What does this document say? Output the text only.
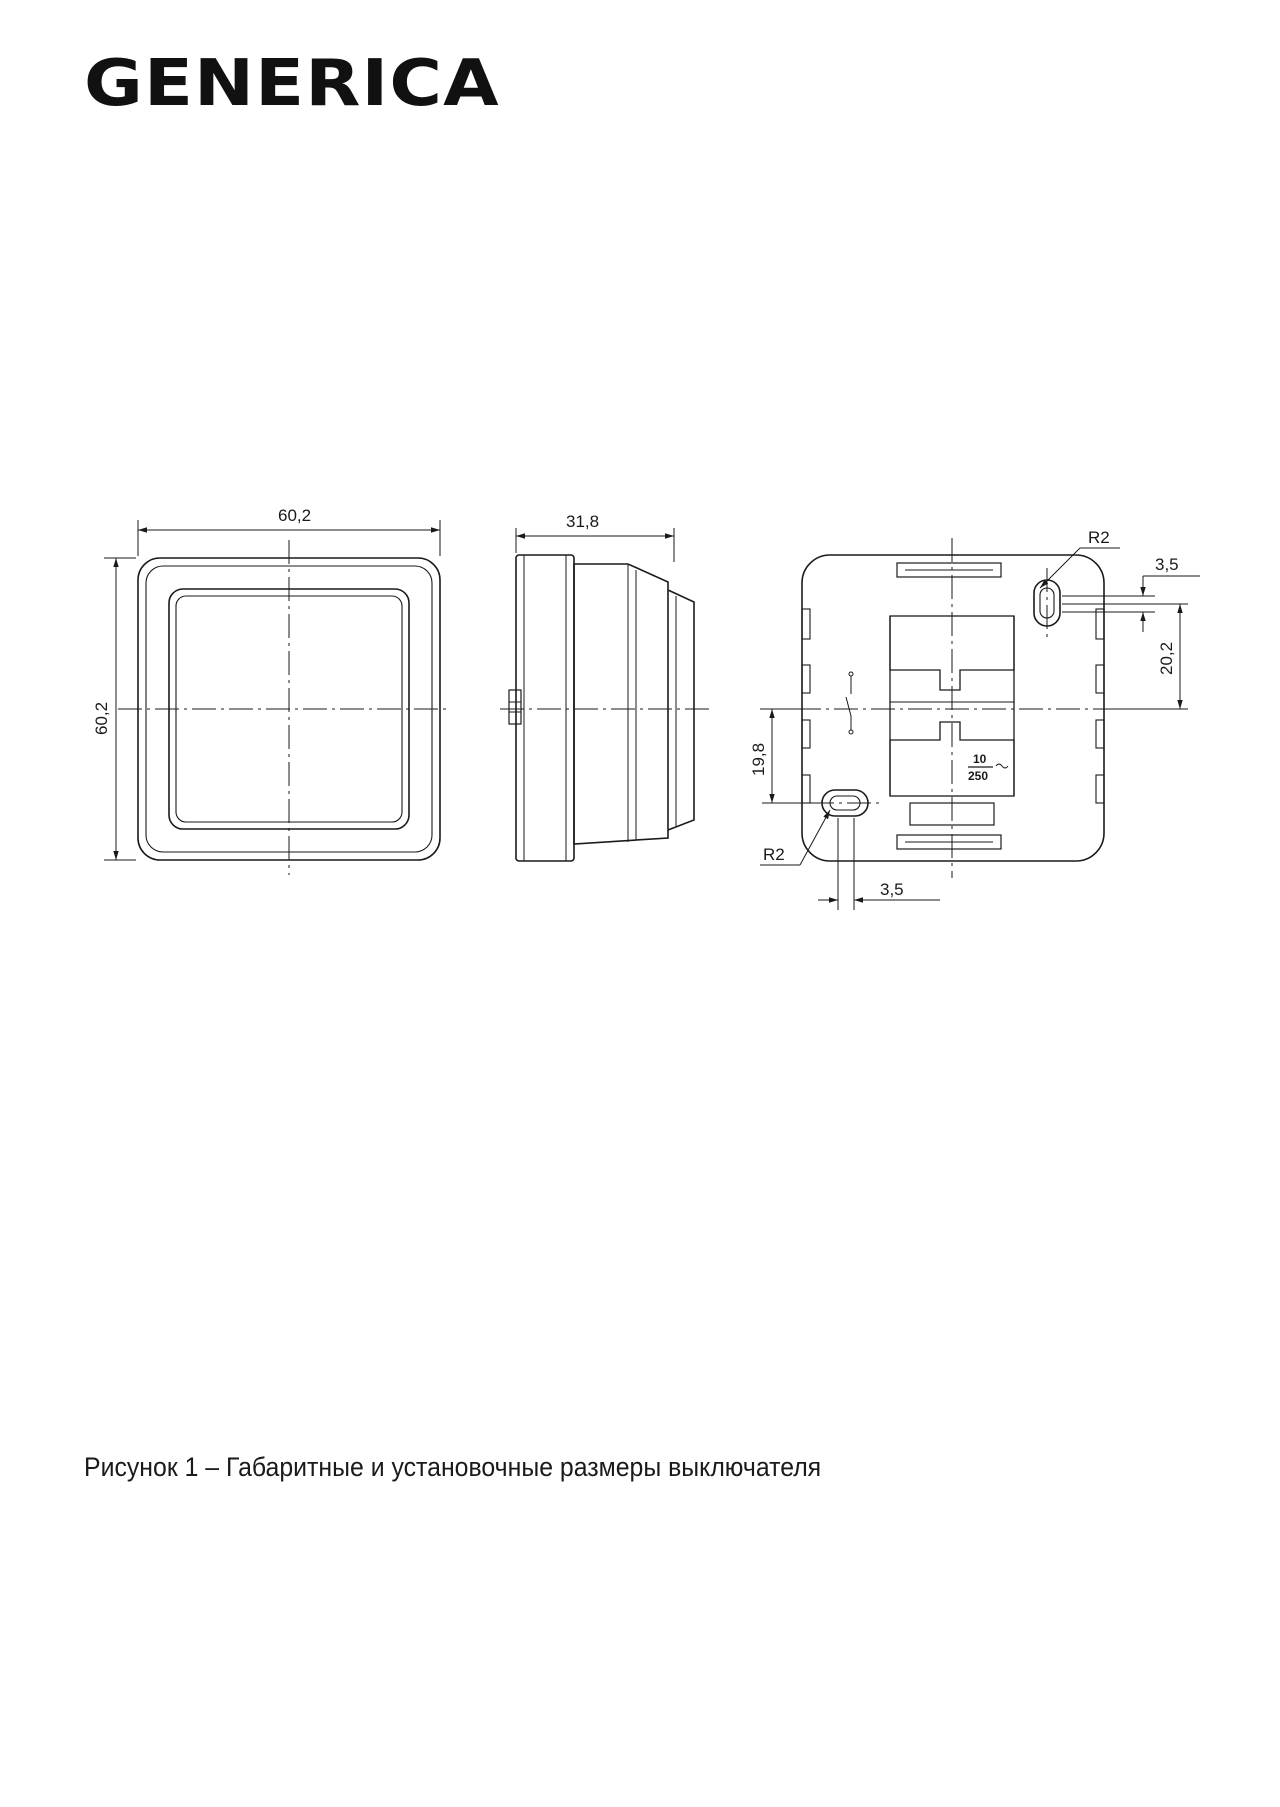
GENERICA
60,2
60,2
31,8
R2
R2
3,5
3,5
20,2
19,8	10
250
Рисунок 1 – Габаритные и установочные размеры выключателя
